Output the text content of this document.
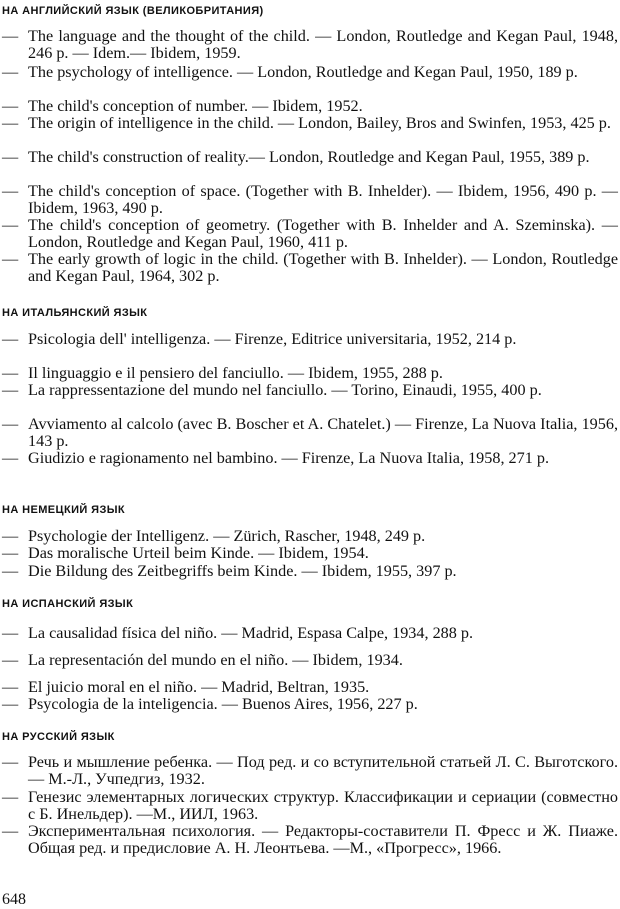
НА АНГЛИЙСКИЙ ЯЗЫК (ВЕЛИКОБРИТАНИЯ)
— The language and the thought of the child. — London, Routledge and Kegan Paul, 1948, 246 p. — Idem.— Ibidem, 1959.
— The psychology of intelligence. — London, Routledge and Kegan Paul, 1950, 189 p.
— The child's conception of number. — Ibidem, 1952.
— The origin of intelligence in the child. — London, Bailey, Bros and Swinfen, 1953, 425 p.
— The child's construction of reality.— London, Routledge and Kegan Paul, 1955, 389 p.
— The child's conception of space. (Together with B. Inhelder). — Ibidem, 1956, 490 p. — Ibidem, 1963, 490 p.
— The child's conception of geometry. (Together with B. Inhelder and A. Szeminska). — London, Routledge and Kegan Paul, 1960, 411 p.
— The early growth of logic in the child. (Together with B. Inhelder). — London, Routledge and Kegan Paul, 1964, 302 p.
НА ИТАЛЬЯНСКИЙ ЯЗЫК
— Psicologia dell' intelligenza. — Firenze, Editrice universitaria, 1952, 214 p.
— Il linguaggio e il pensiero del fanciullo. — Ibidem, 1955, 288 p.
— La rappressentazione del mundo nel fanciullo. — Torino, Einaudi, 1955, 400 p.
— Avviamento al calcolo (avec B. Boscher et A. Chatelet.) — Firenze, La Nuova Italia, 1956, 143 p.
— Giudizio e ragionamento nel bambino. — Firenze, La Nuova Italia, 1958, 271 p.
НА НЕМЕЦКИЙ ЯЗЫК
— Psychologie der Intelligenz. — Zürich, Rascher, 1948, 249 p.
— Das moralische Urteil beim Kinde. — Ibidem, 1954.
— Die Bildung des Zeitbegriffs beim Kinde. — Ibidem, 1955, 397 p.
НА ИСПАНСКИЙ ЯЗЫК
— La causalidad física del niño. — Madrid, Espasa Calpe, 1934, 288 p.
— La representación del mundo en el niño. — Ibidem, 1934.
— El juicio moral en el niño. — Madrid, Beltran, 1935.
— Psycologia de la inteligencia. — Buenos Aires, 1956, 227 p.
НА РУССКИЙ ЯЗЫК
— Речь и мышление ребенка. — Под ред. и со вступительной статьей Л. С. Выготского. — М.-Л., Учпедгиз, 1932.
— Генезис элементарных логических структур. Классификации и сериации (совместно с Б. Инельдер). —М., ИИЛ, 1963.
— Экспериментальная психология. — Редакторы-составители П. Фресс и Ж. Пиаже. Общая ред. и предисловие А. Н. Леонтьева. —М., «Прогресс», 1966.
648
